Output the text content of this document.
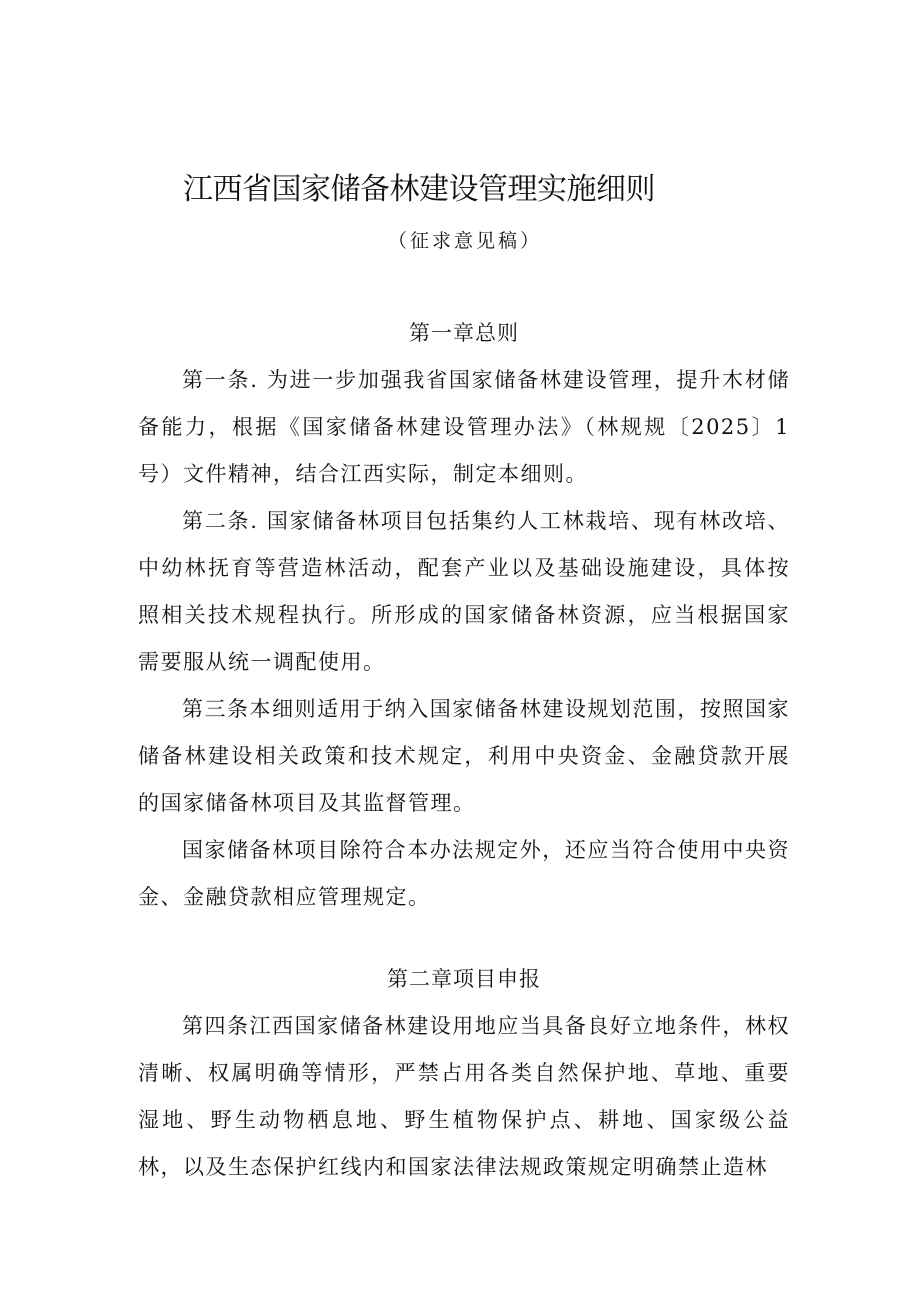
江西省国家储备林建设管理实施细则

（征求意见稿）

第一章总则

第一条. 为进一步加强我省国家储备林建设管理，提升木材储备能力，根据《国家储备林建设管理办法》（林规规〔2025〕1号）文件精神，结合江西实际，制定本细则。

第二条. 国家储备林项目包括集约人工林栽培、现有林改培、中幼林抚育等营造林活动，配套产业以及基础设施建设，具体按照相关技术规程执行。所形成的国家储备林资源，应当根据国家需要服从统一调配使用。

第三条本细则适用于纳入国家储备林建设规划范围，按照国家储备林建设相关政策和技术规定，利用中央资金、金融贷款开展的国家储备林项目及其监督管理。

国家储备林项目除符合本办法规定外，还应当符合使用中央资金、金融贷款相应管理规定。

第二章项目申报

第四条江西国家储备林建设用地应当具备良好立地条件，林权清晰、权属明确等情形，严禁占用各类自然保护地、草地、重要湿地、野生动物栖息地、野生植物保护点、耕地、国家级公益林，以及生态保护红线内和国家法律法规政策规定明确禁止造林
